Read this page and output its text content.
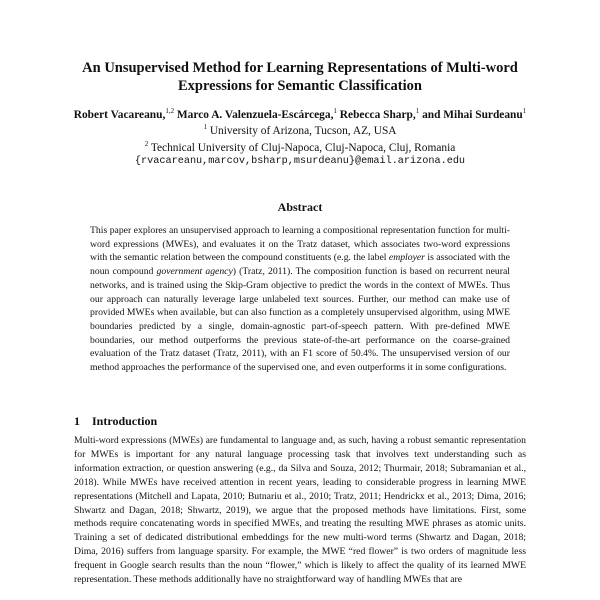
An Unsupervised Method for Learning Representations of Multi-word Expressions for Semantic Classification
Robert Vacareanu,$^{1,2}$ Marco A. Valenzuela-Escárcega,$^1$ Rebecca Sharp,$^1$ and Mihai Surdeanu$^1$
$^1$ University of Arizona, Tucson, AZ, USA
$^2$ Technical University of Cluj-Napoca, Cluj-Napoca, Cluj, Romania
{rvacareanu,marcov,bsharp,msurdeanu}@email.arizona.edu
Abstract
This paper explores an unsupervised approach to learning a compositional representation function for multi-word expressions (MWEs), and evaluates it on the Tratz dataset, which associates two-word expressions with the semantic relation between the compound constituents (e.g. the label employer is associated with the noun compound government agency) (Tratz, 2011). The composition function is based on recurrent neural networks, and is trained using the Skip-Gram objective to predict the words in the context of MWEs. Thus our approach can naturally leverage large unlabeled text sources. Further, our method can make use of provided MWEs when available, but can also function as a completely unsupervised algorithm, using MWE boundaries predicted by a single, domain-agnostic part-of-speech pattern. With pre-defined MWE boundaries, our method outperforms the previous state-of-the-art performance on the coarse-grained evaluation of the Tratz dataset (Tratz, 2011), with an F1 score of 50.4%. The unsupervised version of our method approaches the performance of the supervised one, and even outperforms it in some configurations.
1 Introduction

Multi-word expressions (MWEs) are fundamental to language and, as such, having a robust semantic representation for MWEs is important for any natural language processing task that involves text understanding such as information extraction, or question answering (e.g., da Silva and Souza, 2012; Thurmair, 2018; Subramanian et al., 2018). While MWEs have received attention in recent years, leading to considerable progress in learning MWE representations (Mitchell and Lapata, 2010; Butnariu et al., 2010; Tratz, 2011; Hendrickx et al., 2013; Dima, 2016; Shwartz and Dagan, 2018; Shwartz, 2019), we argue that the proposed methods have limitations. First, some methods require concatenating words in specified MWEs, and treating the resulting MWE phrases as atomic units. Training a set of dedicated distributional embeddings for the new multi-word terms (Shwartz and Dagan, 2018; Dima, 2016) suffers from language sparsity. For example, the MWE “red flower” is two orders of magnitude less frequent in Google search results than the noun “flower,” which is likely to affect the quality of its learned MWE representation. These methods additionally have no straightforward way of handling MWEs that are
